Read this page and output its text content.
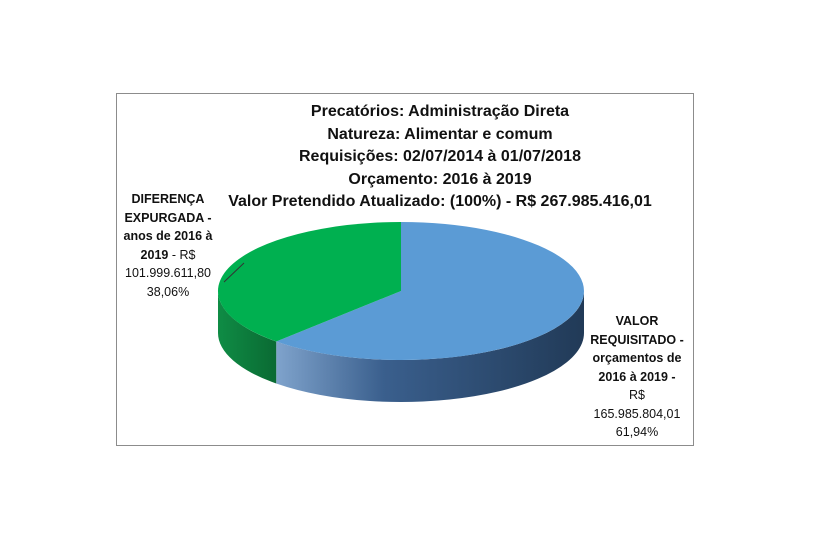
Precatórios: Administração Direta
Natureza: Alimentar e comum
Requisições: 02/07/2014 à 01/07/2018
Orçamento: 2016 à 2019
Valor Pretendido Atualizado: (100%) - R$ 267.985.416,01
DIFERENÇA
EXPURGADA -
anos de 2016 à
2019 - R$
101.999.611,80
38,06%
VALOR
REQUISITADO -
orçamentos de
2016 à 2019 -
R$
165.985.804,01
61,94%
